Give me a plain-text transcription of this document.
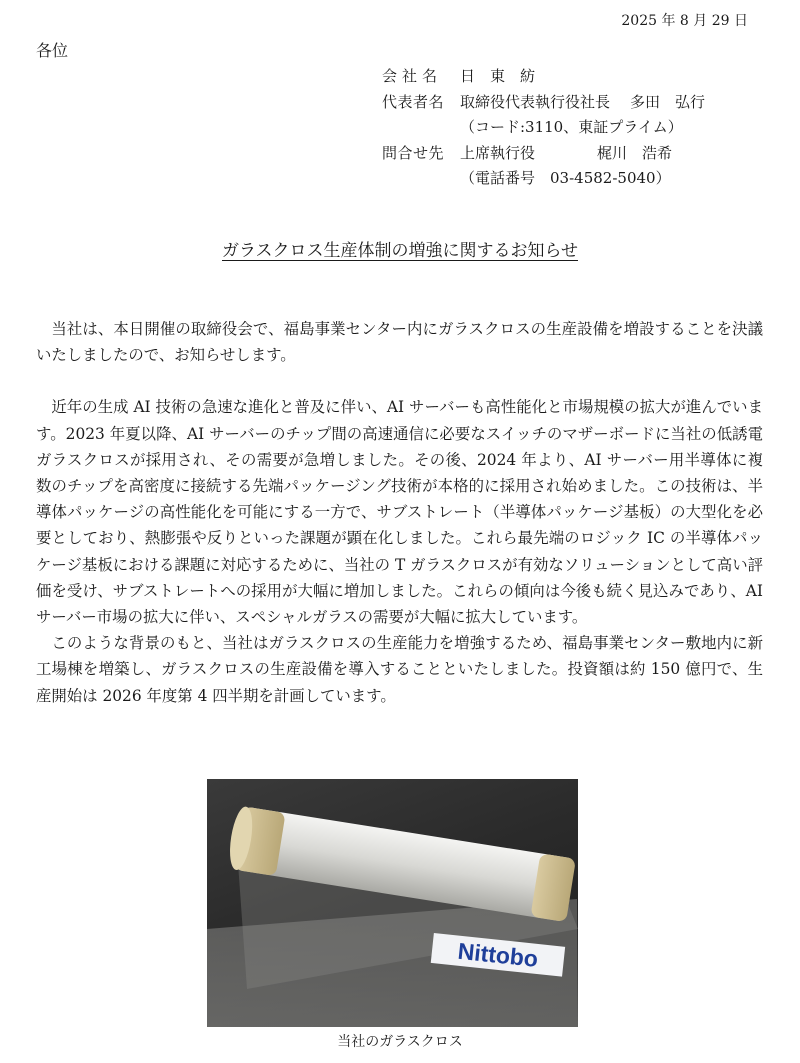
2025 年 8 月 29 日
各位
会社名	日　東　紡
代表者名	取締役代表執行役社長 多田　弘行
（コード:3110、東証プライム）
問合せ先	上席執行役	梶川　浩希
（電話番号　03-4582-5040）
ガラスクロス生産体制の増強に関するお知らせ

当社は、本日開催の取締役会で、福島事業センター内にガラスクロスの生産設備を増設することを決議いたしましたので、お知らせします。

近年の生成 AI 技術の急速な進化と普及に伴い、AI サーバーも高性能化と市場規模の拡大が進んでいます。2023 年夏以降、AI サーバーのチップ間の高速通信に必要なスイッチのマザーボードに当社の低誘電ガラスクロスが採用され、その需要が急増しました。その後、2024 年より、AI サーバー用半導体に複数のチップを高密度に接続する先端パッケージング技術が本格的に採用され始めました。この技術は、半導体パッケージの高性能化を可能にする一方で、サブストレート（半導体パッケージ基板）の大型化を必要としており、熱膨張や反りといった課題が顕在化しました。これら最先端のロジック IC の半導体パッケージ基板における課題に対応するために、当社の T ガラスクロスが有効なソリューションとして高い評価を受け、サブストレートへの採用が大幅に増加しました。これらの傾向は今後も続く見込みであり、AI サーバー市場の拡大に伴い、スペシャルガラスの需要が大幅に拡大しています。

このような背景のもと、当社はガラスクロスの生産能力を増強するため、福島事業センター敷地内に新工場棟を増築し、ガラスクロスの生産設備を導入することといたしました。投資額は約 150 億円で、生産開始は 2026 年度第 4 四半期を計画しています。

Nittobo
当社のガラスクロス
